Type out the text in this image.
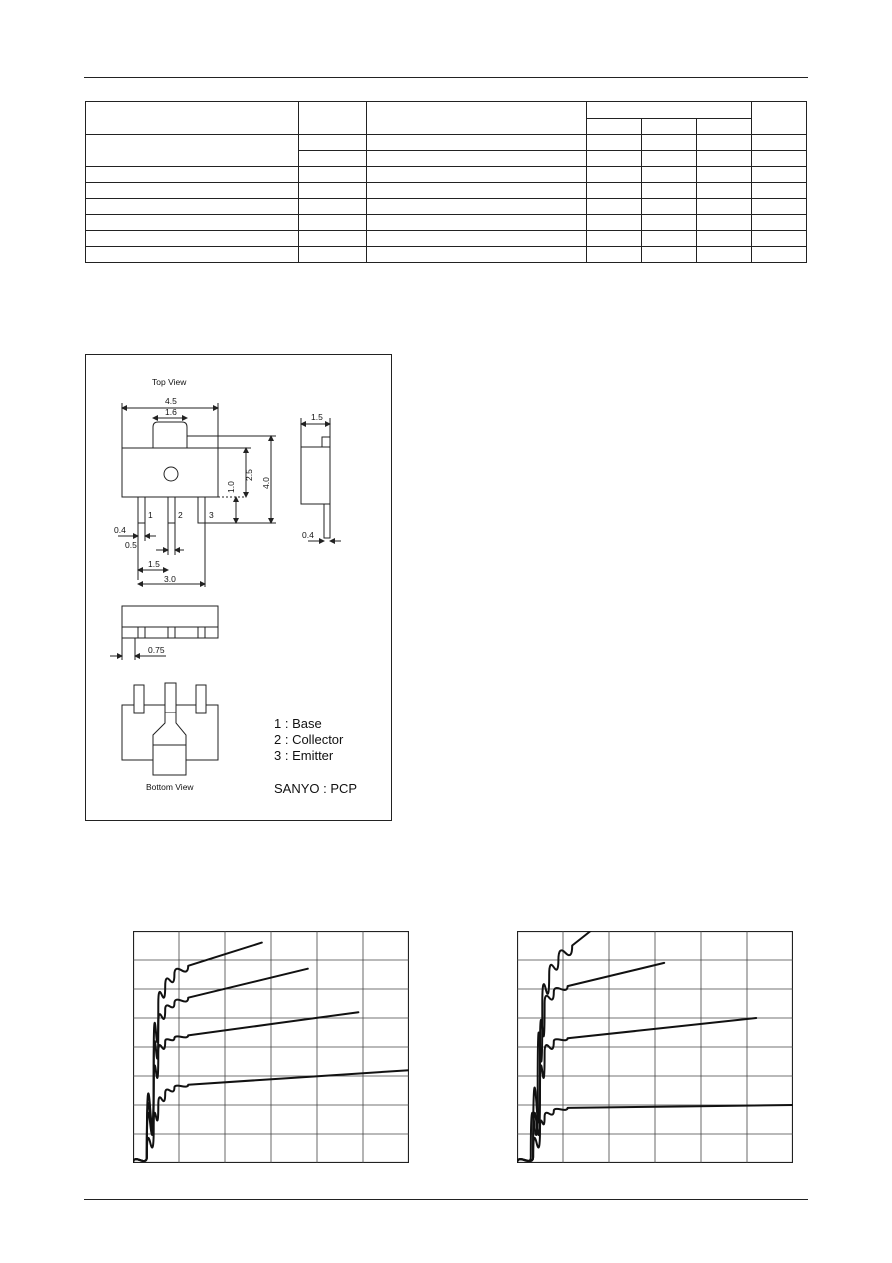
Top View
4.5
1.6	1.5
2.5
4.0
1.0
1	2	3
0.4
0.5
1.5
3.0
0.4
0.75
Bottom View
1 : Base
2 : Collector
3 : Emitter
SANYO : PCP
